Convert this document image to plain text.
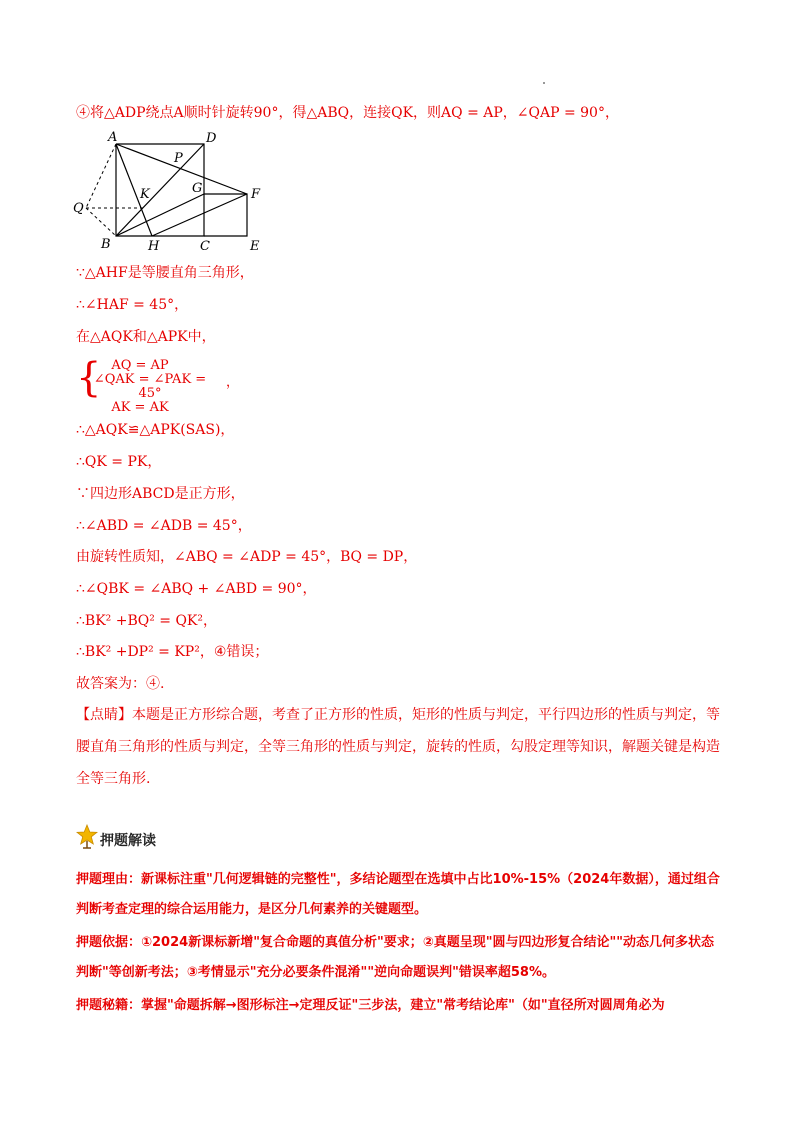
④将△ADP绕点A顺时针旋转90°，得△ABQ，连接QK，则AQ = AP，∠QAP = 90°，
A	D
P
K	G	F
Q
B	H	C	E
∵△AHF是等腰直角三角形，
∴∠HAF = 45°，
在△AQK和△APK中，
{ AQ = AP
∠QAK = ∠PAK = 45°
AK = AK
，
∴△AQK≌△APK(SAS)，
∴QK = PK，
∵四边形ABCD是正方形，
∴∠ABD = ∠ADB = 45°，
由旋转性质知，∠ABQ = ∠ADP = 45°，BQ = DP，
∴∠QBK = ∠ABQ + ∠ABD = 90°，
∴BK² +BQ² = QK²，
∴BK² +DP² = KP²，④错误；
故答案为：④.
【点睛】本题是正方形综合题，考查了正方形的性质，矩形的性质与判定，平行四边形的性质与判定，等腰直角三角形的性质与判定，全等三角形的性质与判定，旋转的性质，勾股定理等知识，解题关键是构造全等三角形.
押题解读
押题理由：新课标注重"几何逻辑链的完整性"，多结论题型在选填中占比10%-15%（2024年数据），通过组合判断考查定理的综合运用能力，是区分几何素养的关键题型。
押题依据：①2024新课标新增"复合命题的真值分析"要求；②真题呈现"圆与四边形复合结论""动态几何多状态判断"等创新考法；③考情显示"充分必要条件混淆""逆向命题误判"错误率超58%。
押题秘籍：掌握"命题拆解→图形标注→定理反证"三步法，建立"常考结论库"（如"直径所对圆周角必为
